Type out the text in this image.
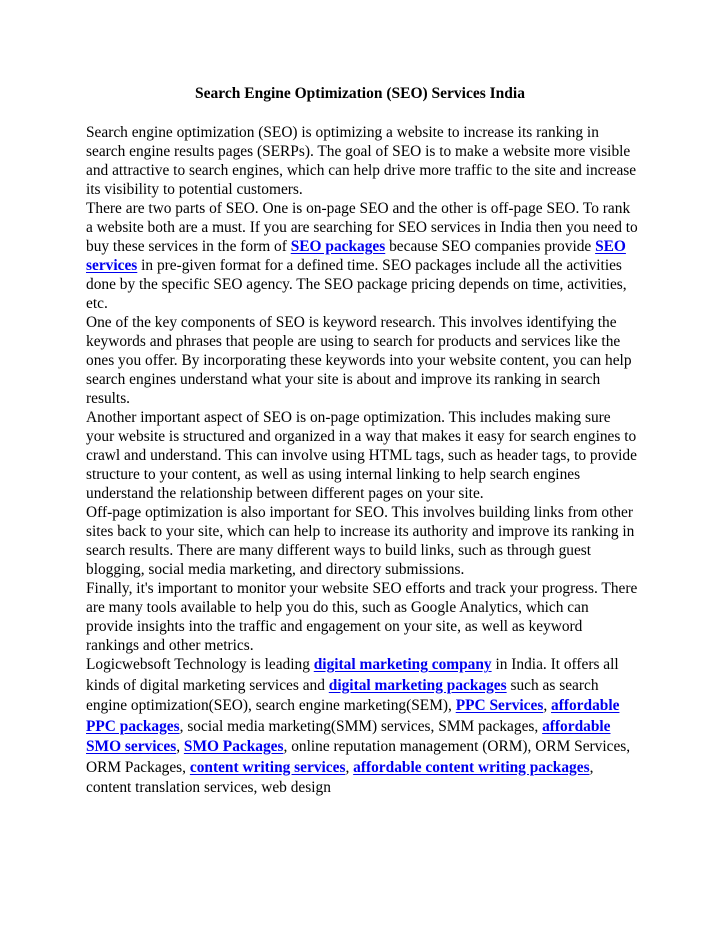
Search Engine Optimization (SEO) Services India

Search engine optimization (SEO) is optimizing a website to increase its ranking in search engine results pages (SERPs). The goal of SEO is to make a website more visible and attractive to search engines, which can help drive more traffic to the site and increase its visibility to potential customers.

There are two parts of SEO. One is on-page SEO and the other is off-page SEO. To rank a website both are a must. If you are searching for SEO services in India then you need to buy these services in the form of SEO packages because SEO companies provide SEO services in pre-given format for a defined time. SEO packages include all the activities done by the specific SEO agency. The SEO package pricing depends on time, activities, etc.

One of the key components of SEO is keyword research. This involves identifying the keywords and phrases that people are using to search for products and services like the ones you offer. By incorporating these keywords into your website content, you can help search engines understand what your site is about and improve its ranking in search results.

Another important aspect of SEO is on-page optimization. This includes making sure your website is structured and organized in a way that makes it easy for search engines to crawl and understand. This can involve using HTML tags, such as header tags, to provide structure to your content, as well as using internal linking to help search engines understand the relationship between different pages on your site.

Off-page optimization is also important for SEO. This involves building links from other sites back to your site, which can help to increase its authority and improve its ranking in search results. There are many different ways to build links, such as through guest blogging, social media marketing, and directory submissions.

Finally, it's important to monitor your website SEO efforts and track your progress. There are many tools available to help you do this, such as Google Analytics, which can provide insights into the traffic and engagement on your site, as well as keyword rankings and other metrics.

Logicwebsoft Technology is leading digital marketing company in India. It offers all kinds of digital marketing services and digital marketing packages such as search engine optimization(SEO), search engine marketing(SEM), PPC Services, affordable PPC packages, social media marketing(SMM) services, SMM packages, affordable SMO services, SMO Packages, online reputation management (ORM), ORM Services, ORM Packages, content writing services, affordable content writing packages, content translation services, web design
